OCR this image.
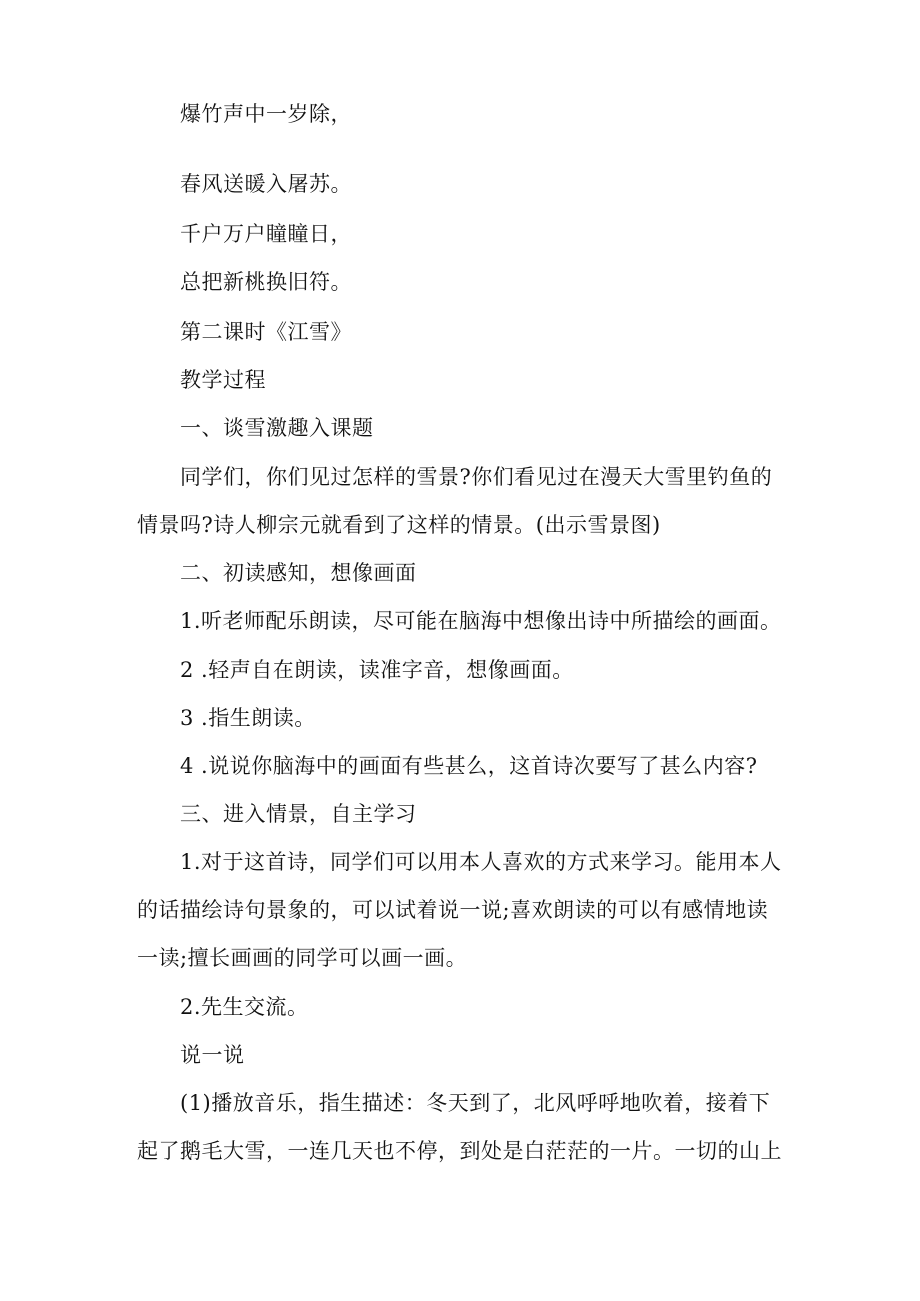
爆竹声中一岁除，
春风送暖入屠苏。
千户万户瞳瞳日，
总把新桃换旧符。
第二课时《江雪》
教学过程
一、谈雪激趣入课题
同学们，你们见过怎样的雪景?你们看见过在漫天大雪里钓鱼的
情景吗?诗人柳宗元就看到了这样的情景。(出示雪景图)
二、初读感知，想像画面
1.听老师配乐朗读，尽可能在脑海中想像出诗中所描绘的画面。
2 .轻声自在朗读，读准字音，想像画面。
3 .指生朗读。
4 .说说你脑海中的画面有些甚么，这首诗次要写了甚么内容?
三、进入情景，自主学习
1.对于这首诗，同学们可以用本人喜欢的方式来学习。能用本人
的话描绘诗句景象的，可以试着说一说;喜欢朗读的可以有感情地读
一读;擅长画画的同学可以画一画。
2.先生交流。
说一说
(1)播放音乐，指生描述：冬天到了，北风呼呼地吹着，接着下
起了鹅毛大雪，一连几天也不停，到处是白茫茫的一片。一切的山上
